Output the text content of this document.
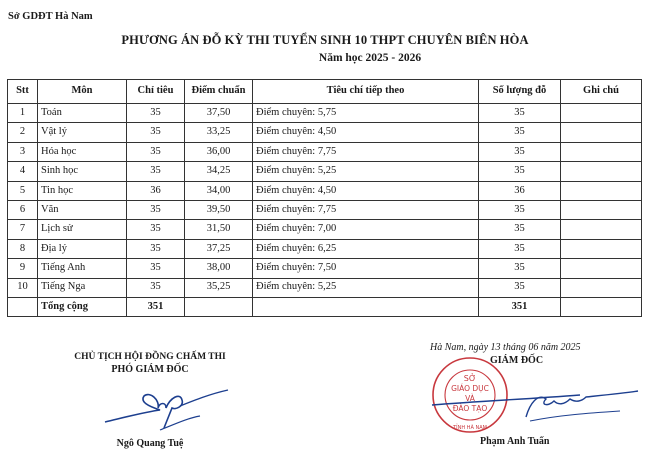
Sở GDĐT Hà Nam
PHƯƠNG ÁN ĐỖ KỲ THI TUYỂN SINH 10 THPT CHUYÊN BIÊN HÒA
Năm học 2025 - 2026
Stt	Môn	Chỉ tiêu	Điểm chuẩn	Tiêu chí tiếp theo	Số lượng đỗ	Ghi chú
1	Toán	35	37,50	Điểm chuyên: 5,75	35	
2	Vật lý	35	33,25	Điểm chuyên: 4,50	35	
3	Hóa học	35	36,00	Điểm chuyên: 7,75	35	
4	Sinh học	35	34,25	Điểm chuyên: 5,25	35	
5	Tin học	36	34,00	Điểm chuyên: 4,50	36	
6	Văn	35	39,50	Điểm chuyên: 7,75	35	
7	Lịch sử	35	31,50	Điểm chuyên: 7,00	35	
8	Địa lý	35	37,25	Điểm chuyên: 6,25	35	
9	Tiếng Anh	35	38,00	Điểm chuyên: 7,50	35	
10	Tiếng Nga	35	35,25	Điểm chuyên: 5,25	35	
	Tổng cộng	351			351	
CHỦ TỊCH HỘI ĐỒNG CHẤM THI
PHÓ GIÁM ĐỐC
Ngô Quang Tuệ
Hà Nam, ngày 13 tháng 06 năm 2025
GIÁM ĐỐC
SỞ
GIÁO DỤC
VÀ
ĐÀO TẠO
TỈNH HÀ NAM
Phạm Anh Tuấn
